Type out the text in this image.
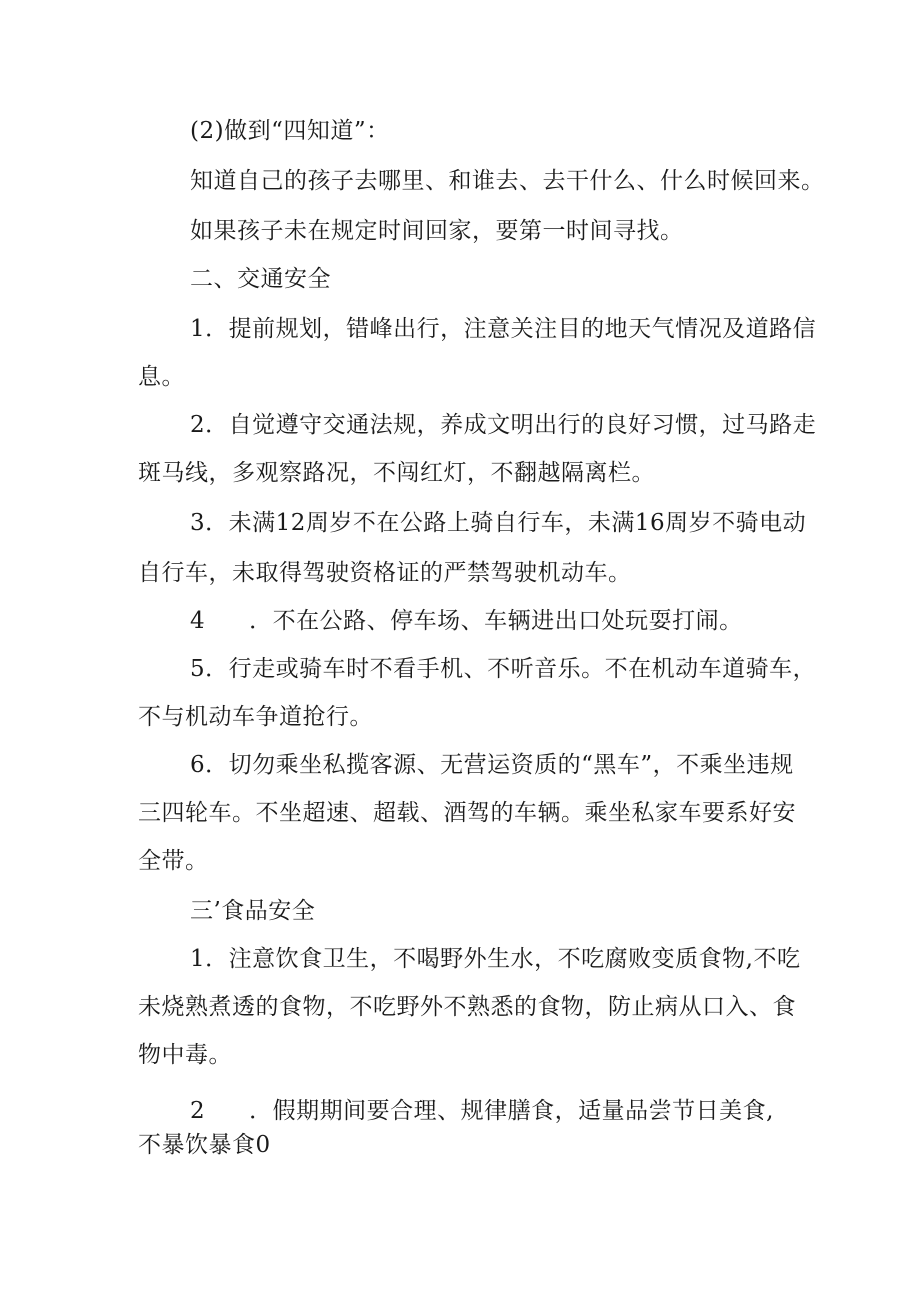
(2)做到“四知道”：
知道自己的孩子去哪里、和谁去、去干什么、什么时候回来。
如果孩子未在规定时间回家，要第一时间寻找。
二、交通安全
1．提前规划，错峰出行，注意关注目的地天气情况及道路信
息。
2．自觉遵守交通法规，养成文明出行的良好习惯，过马路走
斑马线，多观察路况，不闯红灯，不翻越隔离栏。
3．未满12周岁不在公路上骑自行车，未满16周岁不骑电动
自行车，未取得驾驶资格证的严禁驾驶机动车。
4 ．不在公路、停车场、车辆进出口处玩耍打闹。
5．行走或骑车时不看手机、不听音乐。不在机动车道骑车，
不与机动车争道抢行。
6．切勿乘坐私揽客源、无营运资质的“黑车”，不乘坐违规
三四轮车。不坐超速、超载、酒驾的车辆。乘坐私家车要系好安
全带。
三’食品安全
1．注意饮食卫生，不喝野外生水，不吃腐败变质食物,不吃
未烧熟煮透的食物，不吃野外不熟悉的食物，防止病从口入、食
物中毒。
2 ．假期期间要合理、规律膳食，适量品尝节日美食,
不暴饮暴食0
